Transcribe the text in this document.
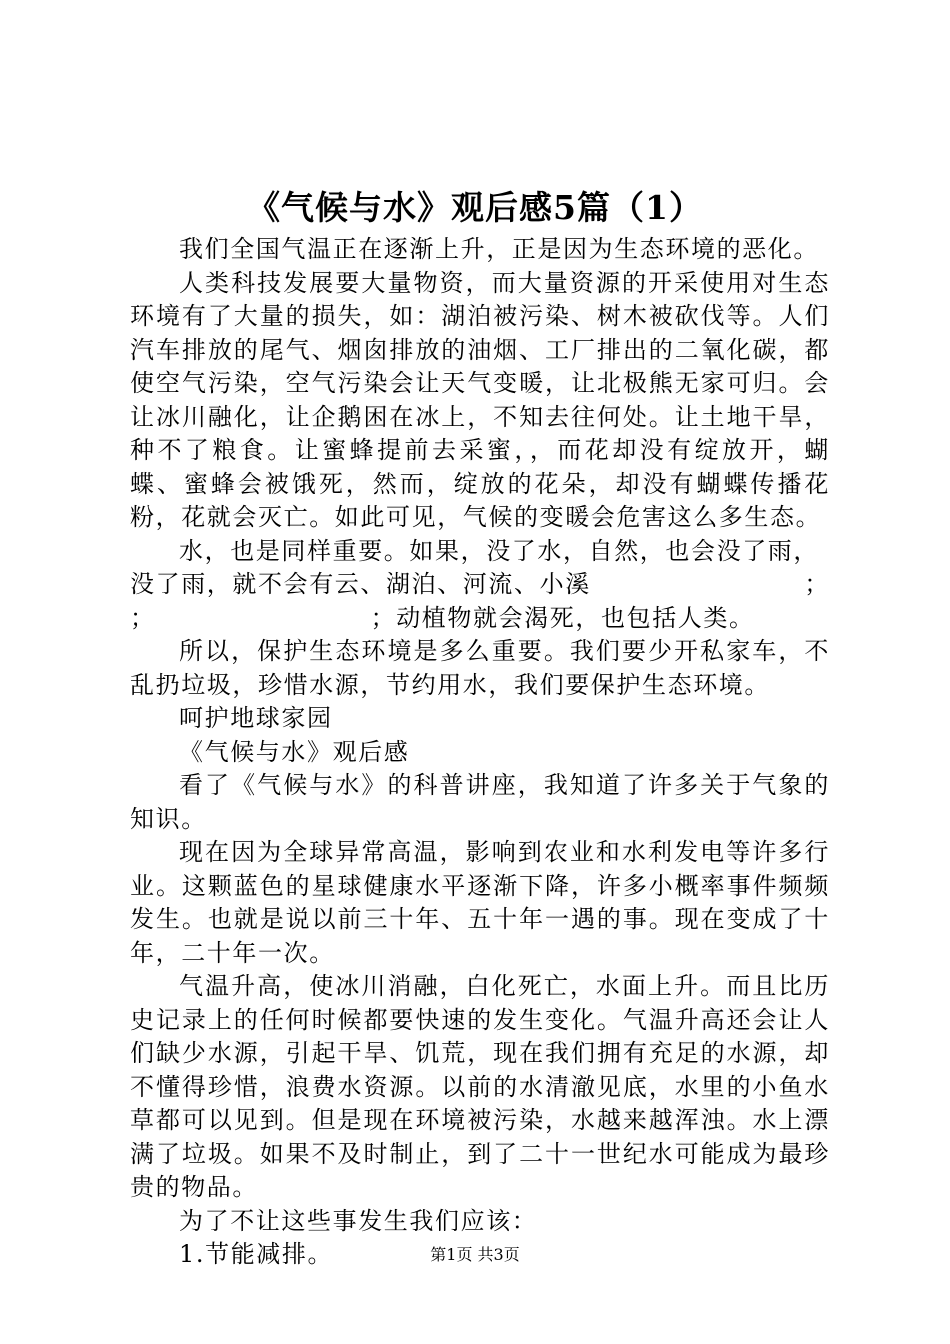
《气候与水》观后感5篇（1）

我们全国气温正在逐渐上升，正是因为生态环境的恶化。

人类科技发展要大量物资，而大量资源的开采使用对生态环境有了大量的损失，如：湖泊被污染、树木被砍伐等。人们汽车排放的尾气、烟囱排放的油烟、工厂排出的二氧化碳，都使空气污染，空气污染会让天气变暖，让北极熊无家可归。会让冰川融化，让企鹅困在冰上，不知去往何处。让土地干旱，种不了粮食。让蜜蜂提前去采蜜，，而花却没有绽放开，蝴蝶、蜜蜂会被饿死，然而，绽放的花朵，却没有蝴蝶传播花粉，花就会灭亡。如此可见，气候的变暖会危害这么多生态。

水，也是同样重要。如果，没了水，自然，也会没了雨，

没了雨，就不会有云、湖泊、河流、小溪	；
；	；动植物就会渴死，也包括人类。

所以，保护生态环境是多么重要。我们要少开私家车，不乱扔垃圾，珍惜水源，节约用水，我们要保护生态环境。

呵护地球家园

《气候与水》观后感

看了《气候与水》的科普讲座，我知道了许多关于气象的知识。

现在因为全球异常高温，影响到农业和水利发电等许多行业。这颗蓝色的星球健康水平逐渐下降，许多小概率事件频频发生。也就是说以前三十年、五十年一遇的事。现在变成了十年，二十年一次。

气温升高，使冰川消融，白化死亡，水面上升。而且比历史记录上的任何时候都要快速的发生变化。气温升高还会让人们缺少水源，引起干旱、饥荒，现在我们拥有充足的水源，却不懂得珍惜，浪费水资源。以前的水清澈见底，水里的小鱼水草都可以见到。但是现在环境被污染，水越来越浑浊。水上漂满了垃圾。如果不及时制止，到了二十一世纪水可能成为最珍贵的物品。

为了不让这些事发生我们应该：

1.节能减排。	第1页 共3页
